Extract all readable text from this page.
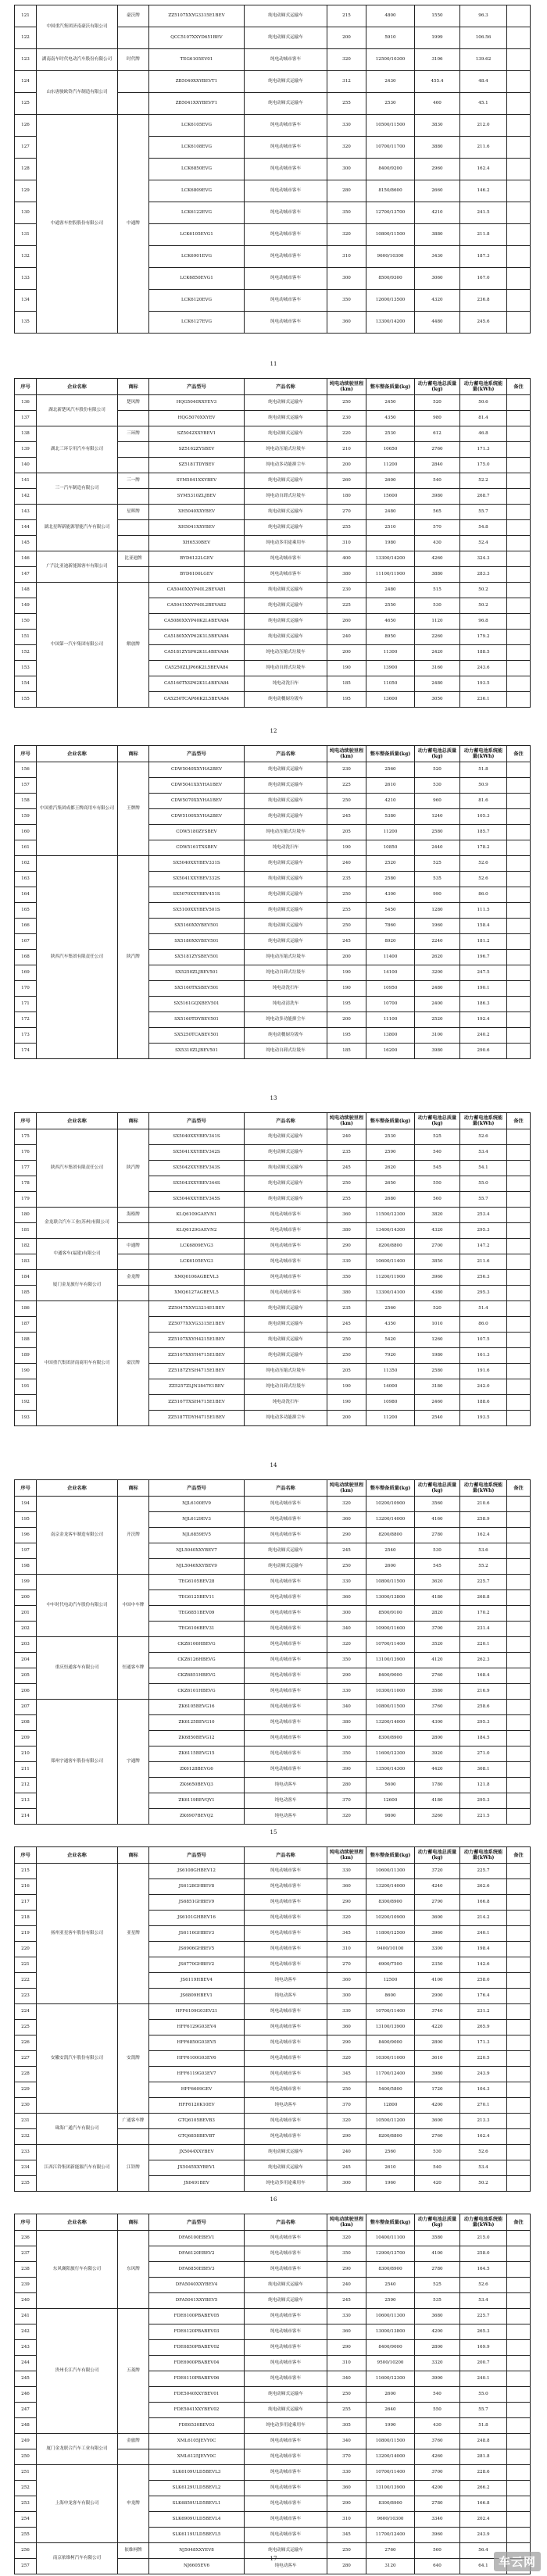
121	中国重汽集团济南豪沃有限公司	豪沃牌	ZZ5107XXYG3315E1BEV	纯电动厢式运输车	215	4800	1550	96.3	
122			QCC5107XXYD651BEV	纯电动厢式运输车	200	5910	1999	106.56	
123	湖南南车时代电动汽车股份有限公司	时代牌	TEG6105EV01	纯电动城市客车	320	12500/10300	3106	139.62	
124	山东唐骏欧铃汽车制造有限公司		ZB5040XXYBEVT1	纯电动厢式运输车	312	2430	455.4	48.4	
125			ZB5041XXYBEVF1	纯电动厢式运输车	255	2530	460	45.1	
126	中通客车控股股份有限公司	中通牌	LCK6105EVG	纯电动城市客车	330	10500/11500	3830	212.0	
127			LCK6108EVG	纯电动城市客车	320	10700/11700	3880	211.6	
128			LCK6850EVG	纯电动城市客车	300	8400/9200	2960	162.4	
129			LCK6809EVG	纯电动城市客车	280	8150/8600	2660	146.2	
130			LCK6122EVG	纯电动城市客车	350	12700/13700	4210	241.5	
131			LCK6105EVG1	纯电动城市客车	320	10800/11500	3880	211.8	
132			LCK6901EVG	纯电动城市客车	310	9600/10300	3430	187.3	
133			LCK6850EVG1	纯电动城市客车	300	8500/9300	3060	167.0	
134			LCK6120EVG	纯电动城市客车	350	12600/13500	4320	236.8	
135			LCK6127EVG	纯电动城市客车	360	13300/14200	4480	245.6	
11
序号	企业名称	商标	产品型号	产品名称	纯电动续驶里程(km)	整车整备质量(kg)	动力蓄电池总质量(kg)	动力蓄电池系统能量(kWh)	备注
136	湖北新楚风汽车股份有限公司	楚风牌	HQG5040XXYEV3	纯电动厢式运输车	250	2450	520	50.6	
137			HQG5070XXYEV	纯电动厢式运输车	230	4350	980	81.4	
138	湖北三环专用汽车有限公司	三环牌	SZ5042XXYBEV1	纯电动厢式运输车	220	2530	612	46.8	
139			SZ5162ZYSBEV	纯电动压缩式垃圾车	210	10650	2760	171.3	
140			SZ5181TDYBEV	纯电动多功能抑尘车	200	11200	2840	175.0	
141	三一汽车制造有限公司	三一牌	SYM5041XXYBEV	纯电动厢式运输车	260	2600	540	52.2	
142			SYM5310ZLJBEV	纯电动自卸式垃圾车	180	15600	3980	268.7	
143	湖北星晖新能源智能汽车有限公司	星晖牌	XH5040XXYBEV	纯电动厢式运输车	270	2480	565	55.7	
144			XH5041XXYBEV	纯电动厢式运输车	255	2510	570	54.8	
145			XH6530BEV	纯电动多用途乘用车	310	1980	430	52.4	
146	广汽比亚迪新能源客车有限公司	比亚迪牌	BYD6122LGEV	纯电动城市客车	400	13300/14200	4260	324.3	
147			BYD6100LGEV	纯电动城市客车	380	11100/11900	3880	283.3	
148	中国第一汽车集团有限公司	解放牌	CA5040XXYP40L2BEVA81	纯电动厢式运输车	230	2480	515	50.2	
149			CA5041XXYP40L2BEVA82	纯电动厢式运输车	225	2550	530	50.2	
150			CA5080XXYP40K2L4BEVA84	纯电动厢式运输车	260	4650	1120	96.8	
151			CA5180XXYP62K1L5BEVA84	纯电动厢式运输车	240	8950	2260	179.2	
152			CA5181ZYSP62K1L4BEVA84	纯电动压缩式垃圾车	200	11300	2420	188.5	
153			CA5250ZLJP66K2L5BEVA84	纯电动自卸式垃圾车	190	13900	3160	243.6	
154			CA5160TXSP62K1L4BEVA84	纯电动洗扫车	185	11050	2480	193.5	
155			CA5250TCAP66K2L5BEVA84	纯电动餐厨垃圾车	195	13600	3050	236.1	
12
序号	企业名称	商标	产品型号	产品名称	纯电动续驶里程(km)	整车整备质量(kg)	动力蓄电池总质量(kg)	动力蓄电池系统能量(kWh)	备注
156	中国重汽集团成都王牌商用车有限公司	王牌牌	CDW5040XXYHA2BEV	纯电动厢式运输车	230	2560	520	51.8	
157			CDW5041XXYHA1BEV	纯电动厢式运输车	225	2610	530	50.9	
158			CDW5070XXYHA1BEV	纯电动厢式运输车	250	4210	960	81.6	
159			CDW5100XXYHA2BEV	纯电动厢式运输车	245	5380	1240	105.3	
160			CDW5180ZYSBEV	纯电动压缩式垃圾车	205	11200	2580	185.7	
161			CDW5161TXSBEV	纯电动洗扫车	190	10850	2440	178.2	
162	陕西汽车集团有限责任公司	陕汽牌	SX5040XXYBEV331S	纯电动厢式运输车	240	2520	525	52.6	
163			SX5041XXYBEV332S	纯电动厢式运输车	235	2580	535	52.6	
164			SX5070XXYBEV451S	纯电动厢式运输车	250	4300	990	86.0	
165			SX5100XXYBEV501S	纯电动厢式运输车	255	5450	1280	111.5	
166			SX5160XXYBEV501	纯电动厢式运输车	250	7860	1960	158.4	
167			SX5180XXYBEV501	纯电动厢式运输车	245	8920	2240	181.2	
168			SX5181ZYSBEV501	纯电动压缩式垃圾车	200	11400	2620	196.7	
169			SX5250ZLJBEV501	纯电动自卸式垃圾车	190	14100	3200	247.5	
170			SX5160TXSBEV501	纯电动洗扫车	190	10950	2480	190.1	
171			SX5161GQXBEV501	纯电动清洗车	195	10700	2400	186.3	
172			SX5160TDYBEV501	纯电动多功能抑尘车	200	11100	2520	192.4	
173			SX5250TCABEV501	纯电动餐厨垃圾车	195	13800	3100	240.2	
174			SX5310ZLJBEV501	纯电动自卸式垃圾车	185	16200	3980	290.6	
13
序号	企业名称	商标	产品型号	产品名称	纯电动续驶里程(km)	整车整备质量(kg)	动力蓄电池总质量(kg)	动力蓄电池系统能量(kWh)	备注
175	陕西汽车集团有限责任公司	陕汽牌	SX5040XXYBEV341S	纯电动厢式运输车	240	2530	525	52.6	
176			SX5041XXYBEV342S	纯电动厢式运输车	235	2590	540	53.4	
177			SX5042XXYBEV343S	纯电动厢式运输车	245	2620	545	54.1	
178			SX5043XXYBEV344S	纯电动厢式运输车	250	2650	550	55.0	
179			SX5044XXYBEV345S	纯电动厢式运输车	255	2680	560	55.7	
180	金龙联合汽车工业(苏州)有限公司	海格牌	KLQ6109GAEVN1	纯电动城市客车	360	11500/12300	3820	253.4	
181			KLQ6129GAEVN2	纯电动城市客车	380	13400/14300	4320	295.3	
182	中通客车(福建)有限公司	中通牌	LCK6809EVG3	纯电动城市客车	290	8200/8800	2700	147.2	
183			LCK6105EVG3	纯电动城市客车	330	10600/11400	3850	211.6	
184	厦门金龙旅行车有限公司	金龙牌	XMQ6106AGBEVL3	纯电动城市客车	350	11200/11900	3960	256.3	
185			XMQ6127AGBEVL5	纯电动城市客车	380	13300/14100	4380	295.3	
186	中国重汽集团济南商用车有限公司	豪沃牌	ZZ5047XXYG3214E1BEV	纯电动厢式运输车	235	2560	520	51.4	
187			ZZ5077XXYG3315E1BEV	纯电动厢式运输车	245	4350	1010	86.0	
188			ZZ5107XXYH4215E1BEV	纯电动厢式运输车	250	5420	1260	107.5	
189			ZZ5167XXYH4715E1BEV	纯电动厢式运输车	250	7920	1980	161.3	
190			ZZ5187ZYSH4715E1BEV	纯电动压缩式垃圾车	205	11350	2580	191.6	
191			ZZ5257ZLJN3847E1BEV	纯电动自卸式垃圾车	190	14000	3180	242.0	
192			ZZ5167TXSH4715E1BEV	纯电动洗扫车	190	10980	2460	188.6	
193			ZZ5187TDYH4715E1BEV	纯电动多功能抑尘车	200	11200	2540	193.5	
14
序号	企业名称	商标	产品型号	产品名称	纯电动续驶里程(km)	整车整备质量(kg)	动力蓄电池总质量(kg)	动力蓄电池系统能量(kWh)	备注
194	南京金龙客车制造有限公司	开沃牌	NJL6100EV9	纯电动城市客车	320	10200/10900	3560	210.6	
195			NJL6129EV3	纯电动城市客车	360	13200/14000	4160	258.9	
196			NJL6859EV5	纯电动城市客车	290	8200/8800	2780	162.4	
197			NJL5040XXYBEV7	纯电动厢式运输车	245	2540	530	53.6	
198			NJL5046XXYBEV9	纯电动厢式运输车	250	2600	545	55.2	
199	中车时代电动汽车股份有限公司	中国中车牌	TEG6105BEV28	纯电动城市客车	330	10800/11500	3620	225.7	
200			TEG6125BEV11	纯电动城市客车	360	13000/13800	4180	268.8	
201			TEG6851BEV09	纯电动城市客车	300	8500/9100	2820	170.2	
202			TEG6106BEV31	纯电动城市客车	340	10900/11600	3700	231.4	
203	重庆恒通客车有限公司	恒通客车牌	CKZ6106HBEVG	纯电动城市客车	320	10700/11400	3520	220.1	
204			CKZ6126HBEVG	纯电动城市客车	350	13100/13900	4120	262.3	
205			CKZ6851HBEVG	纯电动城市客车	290	8400/9000	2760	168.4	
206			CKZ6101HBEVG	纯电动城市客车	330	10300/11000	3580	216.9	
207	郑州宇通客车股份有限公司	宇通牌	ZK6105BEVG16	纯电动城市客车	340	10800/11500	3760	258.6	
208			ZK6125BEVG10	纯电动城市客车	380	13200/14000	4300	295.3	
209			ZK6850BEVG12	纯电动城市客车	300	8300/8900	2800	184.5	
210			ZK6115BEVG15	纯电动城市客车	350	11600/12300	3920	271.0	
211			ZK6128BEVG6	纯电动城市客车	390	13500/14300	4420	308.1	
212			ZK6650BEVQ3	纯电动客车	280	5600	1780	121.8	
213			ZK6119BEVQY1	纯电动客车	370	12600	4180	295.3	
214			ZK6907BEVQ2	纯电动客车	320	9800	3260	221.5	
15
序号	企业名称	商标	产品型号	产品名称	纯电动续驶里程(km)	整车整备质量(kg)	动力蓄电池总质量(kg)	动力蓄电池系统能量(kWh)	备注
215	扬州亚星客车股份有限公司	亚星牌	JS6108GHBEV12	纯电动城市客车	330	10600/11300	3720	225.7	
216			JS6128GHBEV8	纯电动城市客车	360	13200/14000	4240	262.6	
217			JS6851GHBEV9	纯电动城市客车	290	8300/8900	2790	166.8	
218			JS6101GHBEV16	纯电动城市客车	320	10200/10900	3600	214.2	
219			JS6116GHBEV3	纯电动城市客车	345	11800/12500	3960	240.1	
220			JS6906GHBEV5	纯电动城市客车	310	9400/10100	3300	198.4	
221			JS6770GHBEV2	纯电动城市客车	270	6900/7500	2350	142.6	
222			JS6119HBEV4	纯电动客车	360	12500	4100	258.0	
223			JS6809HBEV1	纯电动客车	300	8600	2900	176.4	
224	安徽安凯汽车股份有限公司	安凯牌	HFF6109G03EV21	纯电动城市客车	330	10700/11400	3740	231.2	
225			HFF6129G03EV4	纯电动城市客车	360	13100/13900	4220	265.9	
226			HFF6850G03EV5	纯电动城市客车	290	8400/9000	2800	171.3	
227			HFF6100G03EV6	纯电动城市客车	320	10300/11000	3610	220.5	
228			HFF6119G03EV7	纯电动城市客车	345	11700/12400	3980	243.9	
229			HFF6609GEV	纯电动城市客车	250	5400/5800	1720	104.3	
230			HFF6120K10EV	纯电动客车	370	12800	4200	270.1	
231	珠海广通汽车有限公司	广通客车牌	GTQ6105BEVB3	纯电动城市客车	320	10500/11200	3600	213.3	
232			GTQ6858BEVBT	纯电动城市客车	290	8200/8800	2760	162.4	
233	江西江铃集团新能源汽车有限公司	江铃牌	JX5044XXYBEV	纯电动厢式运输车	240	2560	530	52.6	
234			JX5045XXYBEV1	纯电动厢式运输车	245	2610	540	53.4	
235			JX6491BEV	纯电动多用途乘用车	300	1960	420	50.2	
16
序号	企业名称	商标	产品型号	产品名称	纯电动续驶里程(km)	整车整备质量(kg)	动力蓄电池总质量(kg)	动力蓄电池系统能量(kWh)	备注
236	东风襄阳旅行车有限公司	东风牌	DFA6100EBEV1	纯电动城市客车	320	10400/11100	3580	215.0	
237			DFA6120EBEV2	纯电动城市客车	350	12900/13700	4100	258.0	
238			DFA6850EBEV3	纯电动城市客车	290	8300/8900	2780	164.5	
239			DFA5040XXYBEV4	纯电动厢式运输车	240	2540	525	52.6	
240			DFA5041XXYBEV5	纯电动厢式运输车	245	2590	535	53.4	
241	贵州长江汽车有限公司	五菱牌	FDE6100PBABEV05	纯电动城市客车	330	10600/11300	3680	225.7	
242			FDE6120PBABEV03	纯电动城市客车	360	13000/13800	4200	265.3	
243			FDE6850PBABEV02	纯电动城市客车	290	8400/9000	2800	169.9	
244			FDE6900PBABEV04	纯电动城市客车	310	9500/10200	3320	200.7	
245			FDE6110PBABEV06	纯电动城市客车	340	11600/12300	3900	240.1	
246			FDE5040XXYBEV01	纯电动厢式运输车	250	2600	540	55.0	
247			FDE5041XXYBEV02	纯电动厢式运输车	255	2640	550	55.7	
248			FDE6530BEV03	纯电动多用途乘用车	305	1990	430	51.8	
249	厦门金龙联合汽车工业有限公司	金旅牌	XML6105JEVY0C	纯电动城市客车	340	10800/11500	3760	248.8	
250			XML6125JEVY0C	纯电动城市客车	370	13200/14000	4260	281.8	
251	上海申龙客车有限公司	申龙牌	SLK6109ULD5BEVL3	纯电动城市客车	330	10700/11400	3700	228.6	
252			SLK6129ULD5BEVL2	纯电动城市客车	360	13100/13900	4200	266.2	
253			SLK6859ULD5BEVL1	纯电动城市客车	290	8300/8900	2780	166.8	
254			SLK6909ULD5BEVL4	纯电动城市客车	310	9600/10300	3340	202.4	
255			SLK6119ULD5BEVL5	纯电动城市客车	345	11700/12400	3960	243.9	
256	南京依维柯汽车有限公司	依维柯牌	NJ5048XXYEV8	纯电动厢式运输车	250	2760	560	56.4	
257			NJ6605EV6	纯电动客车	280	3120	640	64.1	
17	车云网
